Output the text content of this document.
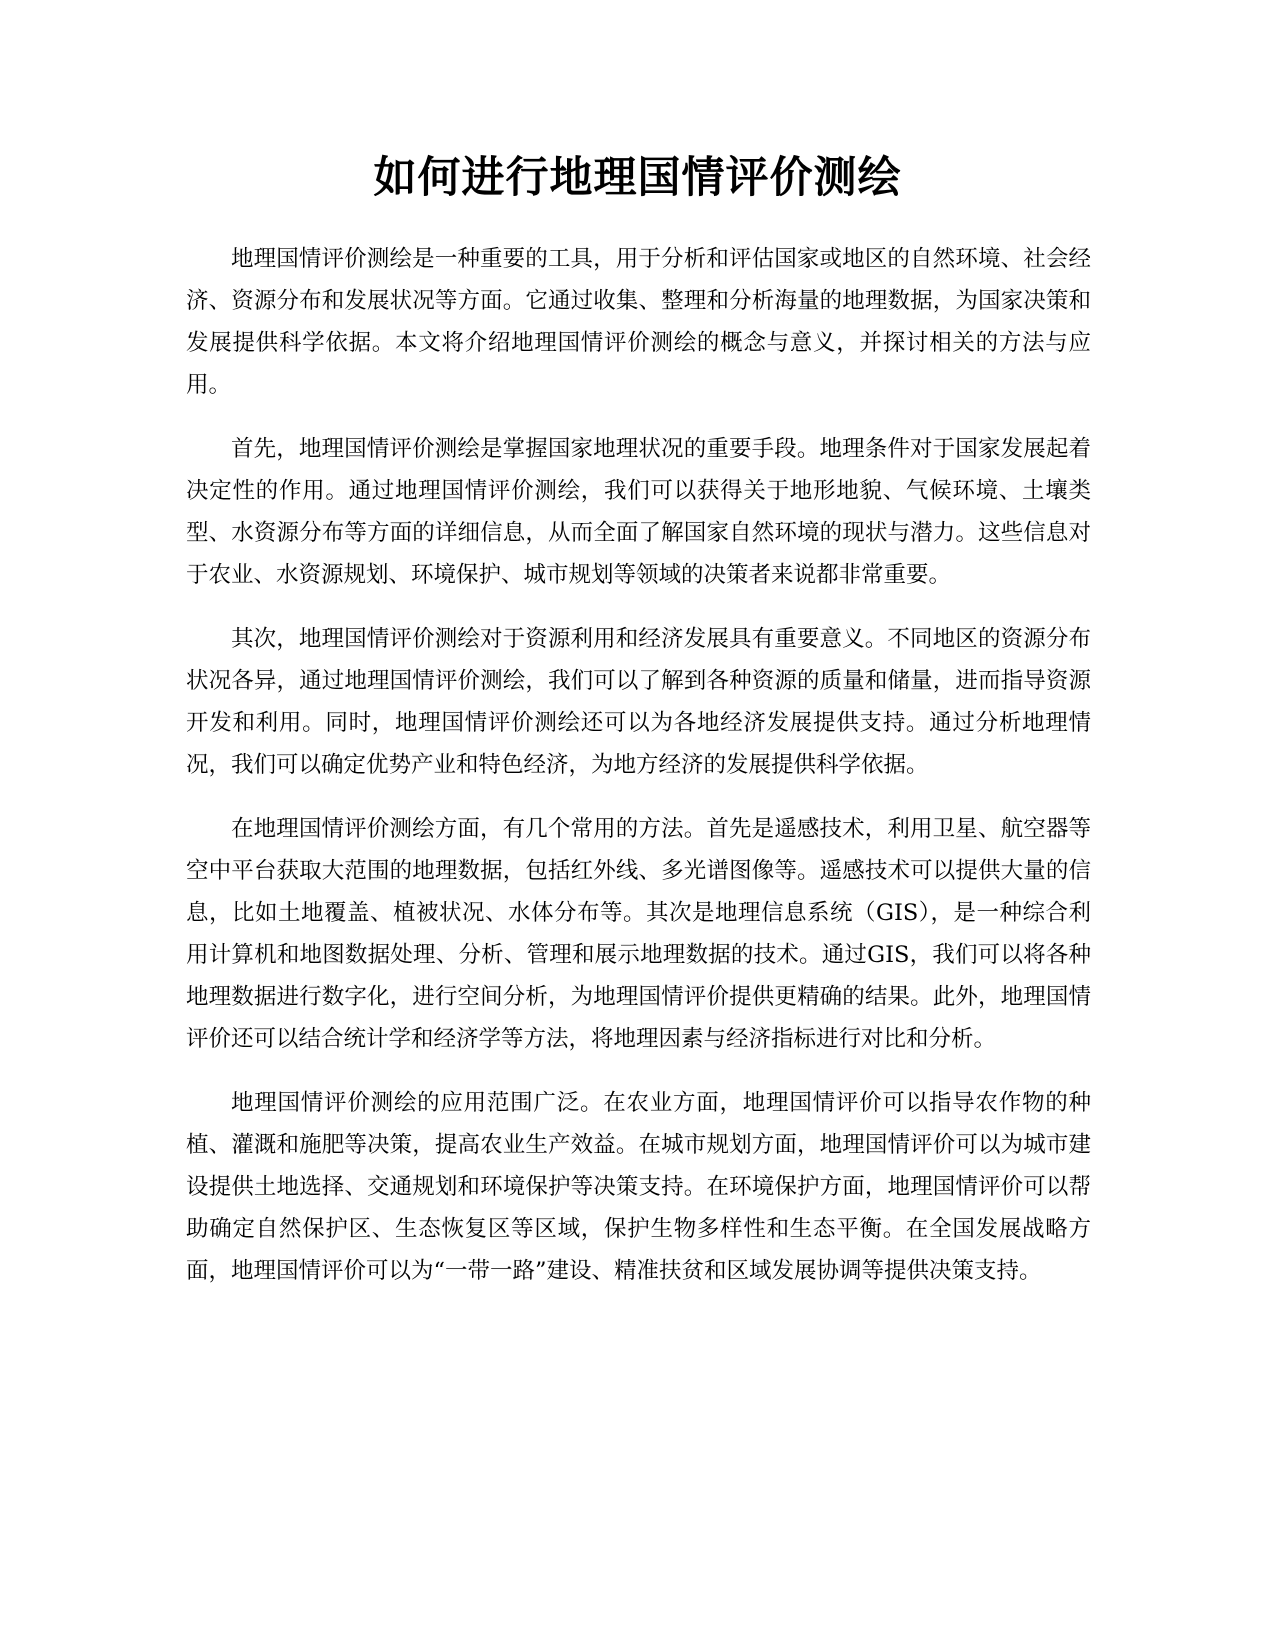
如何进行地理国情评价测绘

地理国情评价测绘是一种重要的工具，用于分析和评估国家或地区的自然环境、社会经济、资源分布和发展状况等方面。它通过收集、整理和分析海量的地理数据，为国家决策和发展提供科学依据。本文将介绍地理国情评价测绘的概念与意义，并探讨相关的方法与应用。

首先，地理国情评价测绘是掌握国家地理状况的重要手段。地理条件对于国家发展起着决定性的作用。通过地理国情评价测绘，我们可以获得关于地形地貌、气候环境、土壤类型、水资源分布等方面的详细信息，从而全面了解国家自然环境的现状与潜力。这些信息对于农业、水资源规划、环境保护、城市规划等领域的决策者来说都非常重要。

其次，地理国情评价测绘对于资源利用和经济发展具有重要意义。不同地区的资源分布状况各异，通过地理国情评价测绘，我们可以了解到各种资源的质量和储量，进而指导资源开发和利用。同时，地理国情评价测绘还可以为各地经济发展提供支持。通过分析地理情况，我们可以确定优势产业和特色经济，为地方经济的发展提供科学依据。

在地理国情评价测绘方面，有几个常用的方法。首先是遥感技术，利用卫星、航空器等空中平台获取大范围的地理数据，包括红外线、多光谱图像等。遥感技术可以提供大量的信息，比如土地覆盖、植被状况、水体分布等。其次是地理信息系统（GIS），是一种综合利用计算机和地图数据处理、分析、管理和展示地理数据的技术。通过GIS，我们可以将各种地理数据进行数字化，进行空间分析，为地理国情评价提供更精确的结果。此外，地理国情评价还可以结合统计学和经济学等方法，将地理因素与经济指标进行对比和分析。

地理国情评价测绘的应用范围广泛。在农业方面，地理国情评价可以指导农作物的种植、灌溉和施肥等决策，提高农业生产效益。在城市规划方面，地理国情评价可以为城市建设提供土地选择、交通规划和环境保护等决策支持。在环境保护方面，地理国情评价可以帮助确定自然保护区、生态恢复区等区域，保护生物多样性和生态平衡。在全国发展战略方面，地理国情评价可以为“一带一路”建设、精准扶贫和区域发展协调等提供决策支持。
